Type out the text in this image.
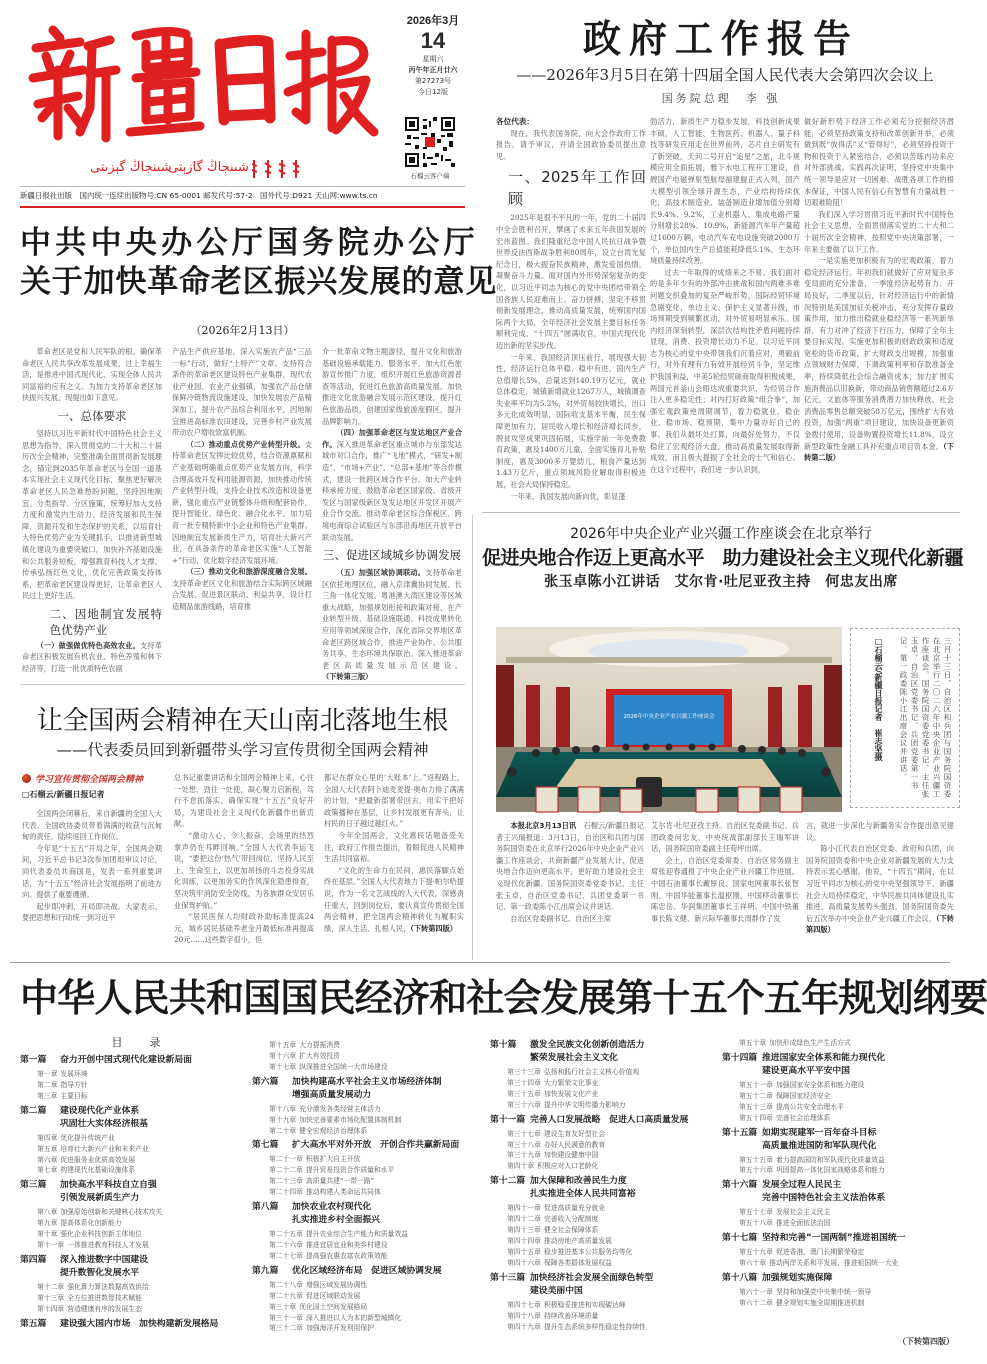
شىنجاڭ گېزىتى
شىنجاڭ گازېتى
2026年3月
14
星期六
丙午年正月廿六
第27273号
今日12版
石榴云客户端
新疆日报社出版　国内统一连续出版物号:CN 65-0001 邮发代号:57-2　国外代号:D921 天山网:www.ts.cn
政府工作报告
——2026年3月5日在第十四届全国人民代表大会第四次会议上
国务院总理　李 强
各位代表：

现在，我代表国务院，向大会作政府工作报告，请予审议，并请全国政协委员提出意见。

一、2025年工作回顾

2025年是很不平凡的一年，党的二十届四中全会胜利召开，擘画了未来五年我国发展的宏伟蓝图。我们隆重纪念中国人民抗日战争暨世界反法西斯战争胜利80周年，设立台湾光复纪念日，极大振奋民族精神，激发爱国热情，凝聚奋斗力量。面对国内外形势深刻复杂的变化，以习近平同志为核心的党中央团结带领全国各族人民迎难而上、奋力拼搏，坚定不移贯彻新发展理念，推动高质量发展，统筹国内国际两个大局，全年经济社会发展主要目标任务顺利完成，“十四五”圆满收官，中国式现代化迈出新的坚实步伐。

一年来，我国经济顶压前行，展现强大韧性，经济运行总体平稳、稳中有进，国内生产总值增长5%，总量达到140.19万亿元，就业总体稳定，城镇新增就业1267万人，城镇调查失业率平均为5.2%，对外贸易较快增长，出口多元化成效明显，国际收支基本平衡，民生保障更加有力，居民收入增长和经济增长同步，脱贫攻坚成果巩固拓展，实施学前一年免费教育政策，惠及1400万儿童，全面实施育儿补贴制度，惠及3000多万婴幼儿，粮食产量达到1.43万亿斤，重点领域风险化解取得积极进展，社会大局保持稳定。

一年来，我国发展向新向优，彰显蓬

勃活力，新质生产力稳步发展，科技创新成果丰硕，人工智能、生物医药、机器人、量子科技等研发应用走在世界前列，芯片自主研发有了新突破，天问二号开启“追星”之旅，北斗规模应用全面拓展，雅下水电工程开工建设，首艘国产电磁弹射型航母福建舰正式入列，国产大模型引领全球开源生态，产业结构持续优化，高技术制造业、装备制造业增加值分别增长9.4%、9.2%，工业机器人、集成电路产量分别增长28%、10.9%，新能源汽车年产量超过1600万辆，电动汽车充电设施突破2000万个，单位国内生产总值能耗降低5.1%，生态环境质量持续改善。

过去一年取得的成绩来之不易。我们面对的是多年少有的外部冲击挑战和国内两难多难问题交织叠加的复杂严峻形势，国际经贸环境急剧变化，单边主义、保护主义显著升级，市场预期受到频繁扰动，对外贸易明显承压。国内经济深刻转型，深层次结构性矛盾问题持续显现，消费、投资增长动力不足。以习近平同志为核心的党中央带领我们沉着应对，勇毅前行，对外有理有力有效开展经贸斗争，坚定维护我国利益，中美5轮经贸磋商取得积极成果，两国元首釜山会晤达成重要共识，为经贸合作注入更多稳定性；对内打好政策“组合拳”，加强宏观政策逆周期调节，着力稳就业、稳企业、稳市场、稳预期，集中力量办好自己的事。我们从最坏处打算，向最好处努力，不仅稳住了宏观经济大盘，推动高质量发展取得新成效，而且极大提振了全社会的士气和信心。在这个过程中，我们进一步认识到，

做好新形势下经济工作必须充分挖掘经济潜能，必须坚持政策支持和改革创新并举，必须做到既“放得活”又“管得好”，必须坚持投资于物和投资于人紧密结合，必须以苦练内功来应对外部挑战。实践再次证明，坚持党中央集中统一领导是应对一切困难、战胜各项工作的根本保证，中国人民有信心有智慧有力量战胜一切艰难险阻！

我们深入学习贯彻习近平新时代中国特色社会主义思想，全面贯彻落实党的二十大和二十届历次全会精神，按照党中央决策部署，一年来主要做了以下工作。

一是实施更加积极有为的宏观政策，着力稳定经济运行。年初我们就做好了应对复杂多变局面的充分准备，一季度经济起势有力、开局良好，二季度以后，针对经济运行中的新情况特别是美国加征关税冲击，充分发挥存量政策作用，加力推出稳就业稳经济等一系列新举措，有力对冲了经济下行压力，保障了全年主要目标实现。实施更加积极的财政政策和适度宽松的货币政策，扩大财政支出规模，加强重点领域财力保障，下调政策利率和存款准备金率，持续降低社会综合融资成本，加力扩围实施消费品以旧换新，带动商品销售额超过2.6万亿元，文旅体等服务消费潜力加快释放，社会消费品零售总额突破50万亿元，围绕扩大有效投资，加强“两重”项目建设，加快设备更新资金拨付使用，设备购置投资增长11.8%，设立新型政策性金融工具补充重点项目资本金。（下转第二版）

中共中央办公厅国务院办公厅
关于加快革命老区振兴发展的意见
（2026年2月13日）

革命老区是党和人民军队的根。确保革命老区人民共享改革发展成果，过上幸福生活，是推进中国式现代化、实现全体人民共同富裕的应有之义。为加力支持革命老区加快振兴发展，现提出如下意见。

一、总体要求

坚持以习近平新时代中国特色社会主义思想为指导，深入贯彻党的二十大和二十届历次全会精神，完整准确全面贯彻新发展理念，锚定到2035年革命老区与全国一道基本实现社会主义现代化目标，聚焦更好解决革命老区人民急难愁盼问题，坚持因地制宜、分类指导、分区施策，统筹好加大支持力度和激发内生动力、经济发展和民生保障、资源开发和生态保护的关系，以培育壮大特色优势产业为关键抓手，以推进新型城镇化建设为重要突破口，加快补齐基础设施和公共服务短板，增强教育科技人才支撑，传承弘扬红色文化，优化完善政策支持体系，把革命老区建设得更好，让革命老区人民过上更好生活。

二、因地制宜发展特色优势产业

（一）做强做优特色高效农业。支持革命老区积极发展有机农业、特色养殖和林下经济等，打造一批优质特色农副

产品生产供应基地，深入实施农产品“三品一标”行动，做好“土特产”文章。支持符合条件的革命老区建设特色产业集群，现代农业产业园、农业产业强镇，加强农产品仓储保鲜冷链物流设施建设，加快发展农产品精深加工，提升农产品综合利用水平，因地制宜推进高标准农田建设，完善乡村产业发展带动农户增收致富机制。

（二）推动重点优势产业转型升级。支持革命老区发挥比较优势，结合资源禀赋和产业基础明确重点优势产业发展方向，科学合理高效开发利用能源资源，加快推动传统产业转型升级，支持企业技术改造和设备更新，强化重点产业链整体升级和配套协作，提升智能化、绿色化、融合化水平。加力培育一批专精特新中小企业和特色产业集群。因地制宜发展新质生产力，培育壮大新兴产业，在具备条件的革命老区实施“人工智能+”行动，优化数字经济发展环境。

（三）推动文化和旅游深度融合发展。支持革命老区文化和旅游结合实际跨区域融合发展，促进景区联动、利益共享，设计打造精品旅游线路，培育推

介一批革命文物主题游径，提升文化和旅游基础设施承载能力、服务水平，加大红色旅游宣传推广力度，组织开展红色旅游资源普查等活动，促进红色旅游高质量发展。加快推进文化旅游融合发展示范区建设，提升红色旅游品质，创建国家级旅游度假区，提升品牌影响力。

（四）加强革命老区与发达地区产业合作。深入推进革命老区重点城市与东部发达城市对口合作，推广“飞地”模式，“研发+制造”、“市场+产业”、“总部+基地”等合作模式，建设一批跨区域合作平台。加大产业转移承接力度，鼓励革命老区国家级、省级开发区与国家级新区及发达地区开发区开展产业合作交流。推动革命老区综合保税区、跨境电商综合试验区与东部沿海地区开放平台联动发展。

三、促进区域城乡协调发展

（五）加强区域协调联动。支持革命老区依托地理区位，融入京津冀协同发展、长三角一体化发展、粤港澳大湾区建设等区域重大战略，加强规划衔接和政策对接，在产业转型升级、基础设施联通、科技成果转化应用等领域深度合作，深化省际交界地区革命老区跨区域合作，推进产业协作、公共服务共享、生态环境共保联治。深入推进革命老区高质量发展示范区建设。（下转第三版）

2026年中央企业产业兴疆工作座谈会在北京举行
促进央地合作迈上更高水平　助力建设社会主义现代化新疆
张玉卓陈小江讲话　艾尔肯·吐尼亚孜主持　何忠友出席
2026年中央企业产业兴疆工作座谈会	三月十三日，自治区和兵团与国务院国资委在北京举行二〇二六年中央企业产业兴疆工作座谈会。国务院国资委党委书记、主任张玉卓，自治区党委书记、兵团党委第一书记、第一政委陈小江出席会议并讲话。
□石榴云/新疆日报记者　崔志坚摄

本报北京3月13日讯　 石榴云/新疆日报记者王兴瑞报道：3月13日，自治区和兵团与国务院国资委在北京举行2026年中央企业产业兴疆工作座谈会，共商新疆产业发展大计，促进央地合作迈向更高水平，更好助力建设社会主义现代化新疆。国务院国资委党委书记、主任张玉卓，自治区党委书记、兵团党委第一书记、第一政委陈小江出席会议并讲话。

自治区党委副书记、自治区主席

艾尔肯·吐尼亚孜主持。自治区党委副书记、兵团政委何忠友，中央统战部副部长王瑞军讲话，国务院国资委副主任苟坪出席。

会上，自治区党委常委、自治区常务副主席张迎春通报了中央企业产业兴疆工作进展。中国石油董事长戴厚良、国家电网董事长张智刚、中国华能董事长温枢刚、中国移动董事长陈忠岳、华润集团董事长王祥明、中国中铁董事长陈文健、新兴际华董事长周群作了发

言，就进一步深化与新疆务实合作提出意见建议。

陈小江代表自治区党委、政府和兵团，向国务院国资委和中央企业对新疆发展的大力支持表示衷心感谢。他说，“十四五”期间，在以习近平同志为核心的党中央坚强领导下，新疆社会大局持续稳定，中华民族共同体建设扎实推进，高质量发展势头强劲，国务院国资委先后五次举办中央企业产业兴疆工作会议，（下转第四版）

让全国两会精神在天山南北落地生根
——代表委员回到新疆带头学习宣传贯彻全国两会精神
学习宣传贯彻全国两会精神
□石榴云/新疆日报记者

全国两会闭幕后，来自新疆的全国人大代表、全国政协委员带着满满的收获与沉甸甸的责任，陆续返回工作岗位。

今年是“十五五”开局之年，全国两会期间，习近平总书记3次参加团组审议讨论，同代表委员共商国是，发表一系列重要讲话，为“十五五”经济社会发展指明了前进方向、提供了重要遵循。

起步即冲刺，开局即决战。大家表示，要把思想和行动统一到习近平

总书记重要讲话和全国两会精神上来，心往一处想、劲往一处使，凝心聚力启新程，笃行不怠抓落实，确保实现“十五五”良好开局，为建设社会主义现代化新疆作出新贡献。

“激动人心，令人振奋，会场里的热烈掌声仍在耳畔回响。”全国人大代表李运飞说，“要把这份‘热气’带回岗位，坚持人民至上、生命至上，以更加昂扬的斗志投身实战化训练，以更加务实的作风深化隐患排查，坚决筑牢消防安全防线，为各族群众安居乐业保驾护航。”

“居民医保人均财政补助标准提高24元，城乡居民基础养老金月最低标准再提高20元……这些数字很小，但

都记在群众心里的‘大账本’上。”返程路上，全国人大代表阿卜迪麦麦提·奥布力排了满满的计划，“把最新部署带回去，用实干把好政策播种在基层，让乡村发展更有奔头，让村民的日子越过越红火。”

今年全国两会，文化惠民话题备受关注，政府工作报告提出，着眼促进人民精神生活共同富裕。

“文化的生命力在民间，惠民落脚点始终在基层。”全国人大代表地力下提·帕尔哈提说，作为一名文艺战线的人大代表，深感责任重大，回到岗位后，要认真宣传贯彻全国两会精神，把全国两会精神转化为履职实绩，深入生活、扎根人民，（下转第四版）

中华人民共和国国民经济和社会发展第十五个五年规划纲要
目　录
第一篇	奋力开创中国式现代化建设新局面
第一章 发展环境
第二章 指导方针
第三章 主要目标
第二篇	建设现代化产业体系
巩固壮大实体经济根基
第四章 优化提升传统产业
第五章 培育壮大新兴产业和未来产业
第六章 促进服务业优质高效发展
第七章 构建现代化基础设施体系
第三篇	加快高水平科技自立自强
引领发展新质生产力
第八章 加强原始创新和关键核心技术攻关
第九章 提高体系化创新能力
第十章 强化企业科技创新主体地位
第十一章 一体推进教育科技人才发展
第四篇	深入推进数字中国建设
提升数智化发展水平
第十二章 强化算力算法数据高效供给
第十三章 全方位推进数智技术赋能
第十四章 营造健康有序的发展生态
第五篇	建设强大国内市场　加快构建新发展格局
第十五章 大力提振消费
第十六章 扩大有效投资
第十七章 纵深推进全国统一大市场建设
第六篇	加快构建高水平社会主义市场经济体制
增强高质量发展动力
第十八章 充分激发各类经营主体活力
第十九章 加快完善要素市场化配置体制机制
第二十章 健全宏观经济治理体系
第七篇	扩大高水平对外开放　开创合作共赢新局面
第二十一章 积极扩大自主开放
第二十二章 提升贸易投资合作质量和水平
第二十三章 高质量共建“一带一路”
第二十四章 推动构建人类命运共同体
第八篇	加快农业农村现代化
扎实推进乡村全面振兴
第二十五章 提升农业综合生产能力和质量效益
第二十六章 推进宜居宜业和美乡村建设
第二十七章 提高强农惠农富农政策效能
第九篇	优化区域经济布局　促进区域协调发展
第二十八章 增强区域发展协调性
第二十九章 促进区域联动发展
第三十章 优化国土空间发展格局
第三十一章 深入推进以人为本的新型城镇化
第三十二章 加强海洋开发利用保护
第十篇	激发全民族文化创新创造活力
繁荣发展社会主义文化
第三十三章 弘扬和践行社会主义核心价值观
第三十四章 大力繁荣文化事业
第三十五章 加快发展文化产业
第三十六章 提升中华文明传播力影响力
第十一篇 完善人口发展战略　促进人口高质量发展
第三十七章 建设生育友好型社会
第三十八章 办好人民满意的教育
第三十九章 加快建设健康中国
第四十章 积极应对人口老龄化
第十二篇 加大保障和改善民生力度
扎实推进全体人民共同富裕
第四十一章 促进高质量充分就业
第四十二章 完善收入分配制度
第四十三章 健全社会保障体系
第四十四章 推动房地产高质量发展
第四十五章 稳步推进基本公共服务均等化
第四十六章 保障各类群体发展权益
第十三篇 加快经济社会发展全面绿色转型
建设美丽中国
第四十七章 积极稳妥推进和实现碳达峰
第四十八章 持续改善环境质量
第四十九章 提升生态系统多样性稳定性持续性
第五十章 加快形成绿色生产生活方式
第十四篇 推进国家安全体系和能力现代化
建设更高水平平安中国
第五十一章 加强国家安全体系和能力建设
第五十二章 保障国家经济安全
第五十三章 提高公共安全治理水平
第五十四章 完善社会治理体系
第十五篇 如期实现建军一百年奋斗目标
高质量推进国防和军队现代化
第五十五章 着力提高国防和军队现代化质量效益
第五十六章 巩固提高一体化国家战略体系和能力
第十六篇 发展全过程人民民主
完善中国特色社会主义法治体系
第五十七章 发展社会主义民主
第五十八章 推进全面依法治国
第十七篇 坚持和完善“一国两制”推进祖国统一
第五十九章 促进香港、澳门长期繁荣稳定
第六十章 推动两岸关系和平发展、推进祖国统一大业
第十八篇 加强规划实施保障
第六十一章 坚持和加强党中央集中统一领导
第六十二章 健全规划实施全周期推进机制
（下转第四版）
